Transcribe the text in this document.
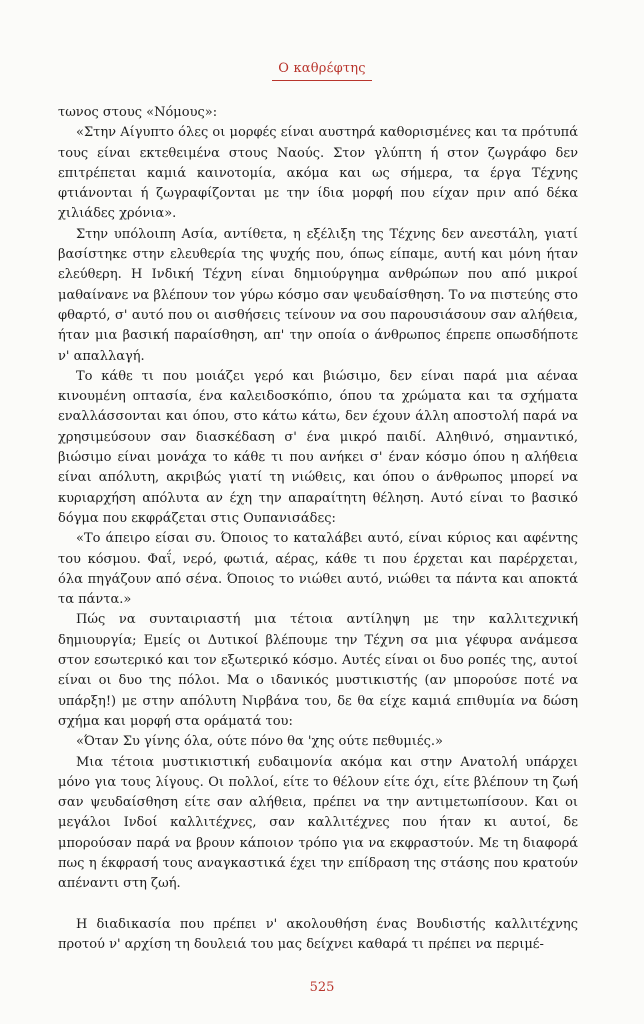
Ο καθρέφτης

τωνος στους «Νόμους»:

«Στην Αίγυπτο όλες οι μορφές είναι αυστηρά καθορισμένες και τα πρότυπά τους είναι εκτεθειμένα στους Ναούς. Στον γλύπτη ή στον ζωγράφο δεν επιτρέπεται καμιά καινοτομία, ακόμα και ως σήμερα, τα έργα Τέχνης φτιάνονται ή ζωγραφίζονται με την ίδια μορφή που είχαν πριν από δέκα χιλιάδες χρόνια».

Στην υπόλοιπη Ασία, αντίθετα, η εξέλιξη της Τέχνης δεν ανεστάλη, γιατί βασίστηκε στην ελευθερία της ψυχής που, όπως είπαμε, αυτή και μόνη ήταν ελεύθερη. Η Ινδική Τέχνη είναι δημιούργημα ανθρώπων που από μικροί μαθαίνανε να βλέπουν τον γύρω κόσμο σαν ψευδαίσθηση. Το να πιστεύης στο φθαρτό, σ' αυτό που οι αισθήσεις τείνουν να σου παρουσιάσουν σαν αλήθεια, ήταν μια βασική παραίσθηση, απ' την οποία ο άνθρωπος έπρεπε οπωσδήποτε ν' απαλλαγή.

Το κάθε τι που μοιάζει γερό και βιώσιμο, δεν είναι παρά μια αέναα κινουμένη οπτασία, ένα καλειδοσκόπιο, όπου τα χρώματα και τα σχήματα εναλλάσσονται και όπου, στο κάτω κάτω, δεν έχουν άλλη αποστολή παρά να χρησιμεύσουν σαν διασκέδαση σ' ένα μικρό παιδί. Αληθινό, σημαντικό, βιώσιμο είναι μονάχα το κάθε τι που ανήκει σ' έναν κόσμο όπου η αλήθεια είναι απόλυτη, ακριβώς γιατί τη νιώθεις, και όπου ο άνθρωπος μπορεί να κυριαρχήση απόλυτα αν έχη την απαραίτητη θέληση. Αυτό είναι το βασικό δόγμα που εκφράζεται στις Ουπανισάδες:

«Το άπειρο είσαι συ. Όποιος το καταλάβει αυτό, είναι κύριος και αφέντης του κόσμου. Φαΐ, νερό, φωτιά, αέρας, κάθε τι που έρχεται και παρέρχεται, όλα πηγάζουν από σένα. Όποιος το νιώθει αυτό, νιώθει τα πάντα και αποκτά τα πάντα.»

Πώς να συνταιριαστή μια τέτοια αντίληψη με την καλλιτεχνική δημιουργία; Εμείς οι Δυτικοί βλέπουμε την Τέχνη σα μια γέφυρα ανάμεσα στον εσωτερικό και τον εξωτερικό κόσμο. Αυτές είναι οι δυο ροπές της, αυτοί είναι οι δυο της πόλοι. Μα ο ιδανικός μυστικιστής (αν μπορούσε ποτέ να υπάρξη!) με στην απόλυτη Νιρβάνα του, δε θα είχε καμιά επιθυμία να δώση σχήμα και μορφή στα οράματά του:

«Όταν Συ γίνης όλα, ούτε πόνο θα 'χης ούτε πεθυμιές.»

Μια τέτοια μυστικιστική ευδαιμονία ακόμα και στην Ανατολή υπάρχει μόνο για τους λίγους. Οι πολλοί, είτε το θέλουν είτε όχι, είτε βλέπουν τη ζωή σαν ψευδαίσθηση είτε σαν αλήθεια, πρέπει να την αντιμετωπίσουν. Και οι μεγάλοι Ινδοί καλλιτέχνες, σαν καλλιτέχνες που ήταν κι αυτοί, δε μπορούσαν παρά να βρουν κάποιον τρόπο για να εκφραστούν. Με τη διαφορά πως η έκφρασή τους αναγκαστικά έχει την επίδραση της στάσης που κρατούν απέναντι στη ζωή.

Η διαδικασία που πρέπει ν' ακολουθήση ένας Βουδιστής καλλιτέχνης προτού ν' αρχίση τη δουλειά του μας δείχνει καθαρά τι πρέπει να περιμέ-

525
